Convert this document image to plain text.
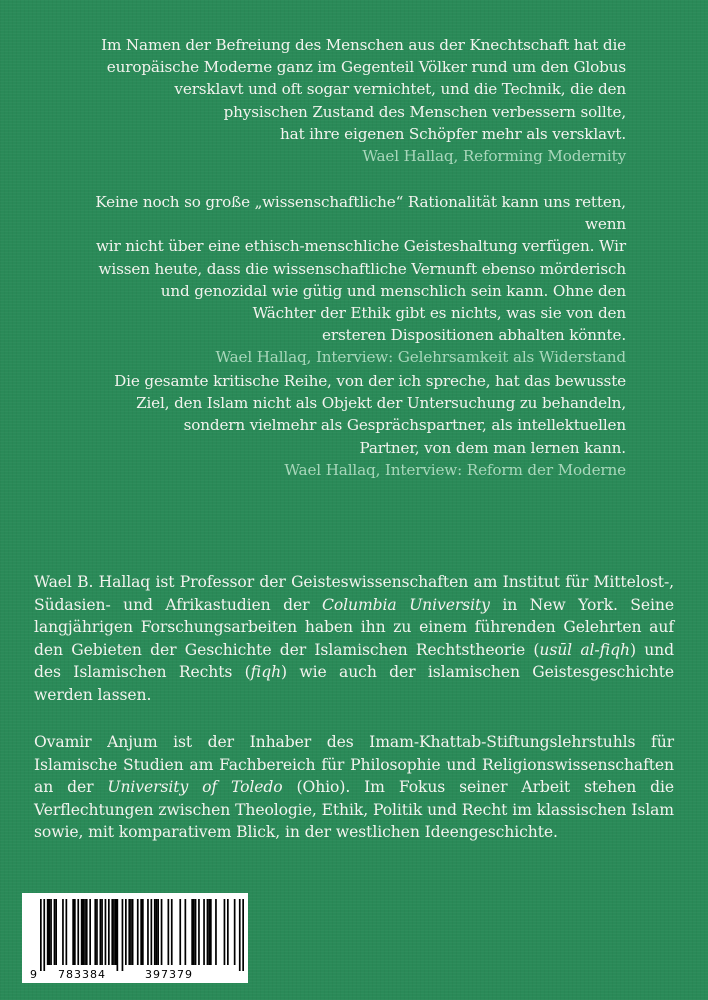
Im Namen der Befreiung des Menschen aus der Knechtschaft hat die

europäische Moderne ganz im Gegenteil Völker rund um den Globus

versklavt und oft sogar vernichtet, und die Technik, die den

physischen Zustand des Menschen verbessern sollte,

hat ihre eigenen Schöpfer mehr als versklavt.

Wael Hallaq, Reforming Modernity

Keine noch so große „wissenschaftliche“ Rationalität kann uns retten, wenn

wir nicht über eine ethisch-menschliche Geisteshaltung verfügen. Wir

wissen heute, dass die wissenschaftliche Vernunft ebenso mörderisch

und genozidal wie gütig und menschlich sein kann. Ohne den

Wächter der Ethik gibt es nichts, was sie von den

ersteren Dispositionen abhalten könnte.

Wael Hallaq, Interview: Gelehrsamkeit als Widerstand

Die gesamte kritische Reihe, von der ich spreche, hat das bewusste

Ziel, den Islam nicht als Objekt der Untersuchung zu behandeln,

sondern vielmehr als Gesprächspartner, als intellektuellen

Partner, von dem man lernen kann.

Wael Hallaq, Interview: Reform der Moderne

Wael B. Hallaq ist Professor der Geisteswissenschaften am Institut für Mittelost-, Südasien- und Afrikastudien der Columbia University in New York. Seine langjährigen Forschungsarbeiten haben ihn zu einem führenden Gelehrten auf den Gebieten der Geschichte der Islamischen Rechtstheorie (usūl al-fiqh) und des Islamischen Rechts (fiqh) wie auch der islamischen Geistesgeschichte werden lassen.

Ovamir Anjum ist der Inhaber des Imam-Khattab-Stiftungslehrstuhls für Islamische Studien am Fachbereich für Philosophie und Religionswissenschaften an der University of Toledo (Ohio). Im Fokus seiner Arbeit stehen die Verflechtungen zwischen Theologie, Ethik, Politik und Recht im klassischen Islam sowie, mit komparativem Blick, in der westlichen Ideengeschichte.

9 783384	397379
